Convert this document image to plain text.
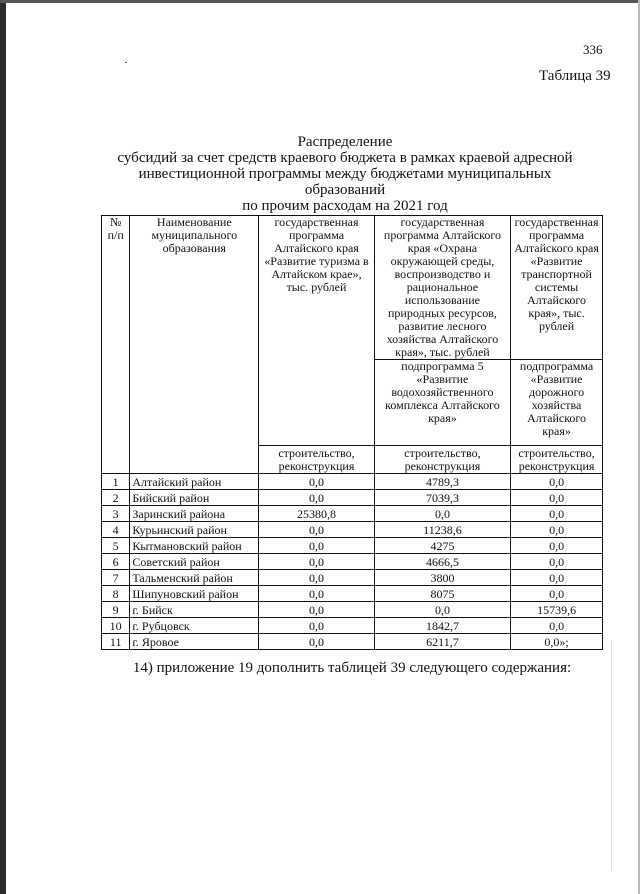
336
Таблица 39
Распределение
субсидий за счет средств краевого бюджета в рамках краевой адресной
инвестиционной программы между бюджетами муниципальных образований
по прочим расходам на 2021 год
№ п/п	Наименование муниципального образования	государственная программа Алтайского края «Развитие туризма в Алтайском крае», тыс. рублей	государственная программа Алтайского края «Охрана окружающей среды, воспроизводство и рациональное использование природных ресурсов, развитие лесного хозяйства Алтайского края», тыс. рублей	государственная программа Алтайского края «Развитие транспортной системы Алтайского края», тыс. рублей
			подпрограмма 5 «Развитие водохозяйственного комплекса Алтайского края»	подпрограмма «Развитие дорожного хозяйства Алтайского края»
		строительство, реконструкция	строительство, реконструкция	строительство, реконструкция
1	Алтайский район	0,0	4789,3	0,0
2	Бийский район	0,0	7039,3	0,0
3	Заринский района	25380,8	0,0	0,0
4	Курьинский район	0,0	11238,6	0,0
5	Кытмановский район	0,0	4275	0,0
6	Советский район	0,0	4666,5	0,0
7	Тальменский район	0,0	3800	0,0
8	Шипуновский район	0,0	8075	0,0
9	г. Бийск	0,0	0,0	15739,6
10	г. Рубцовск	0,0	1842,7	0,0
11	г. Яровое	0,0	6211,7	0,0»;
14) приложение 19 дополнить таблицей 39 следующего содержания:
